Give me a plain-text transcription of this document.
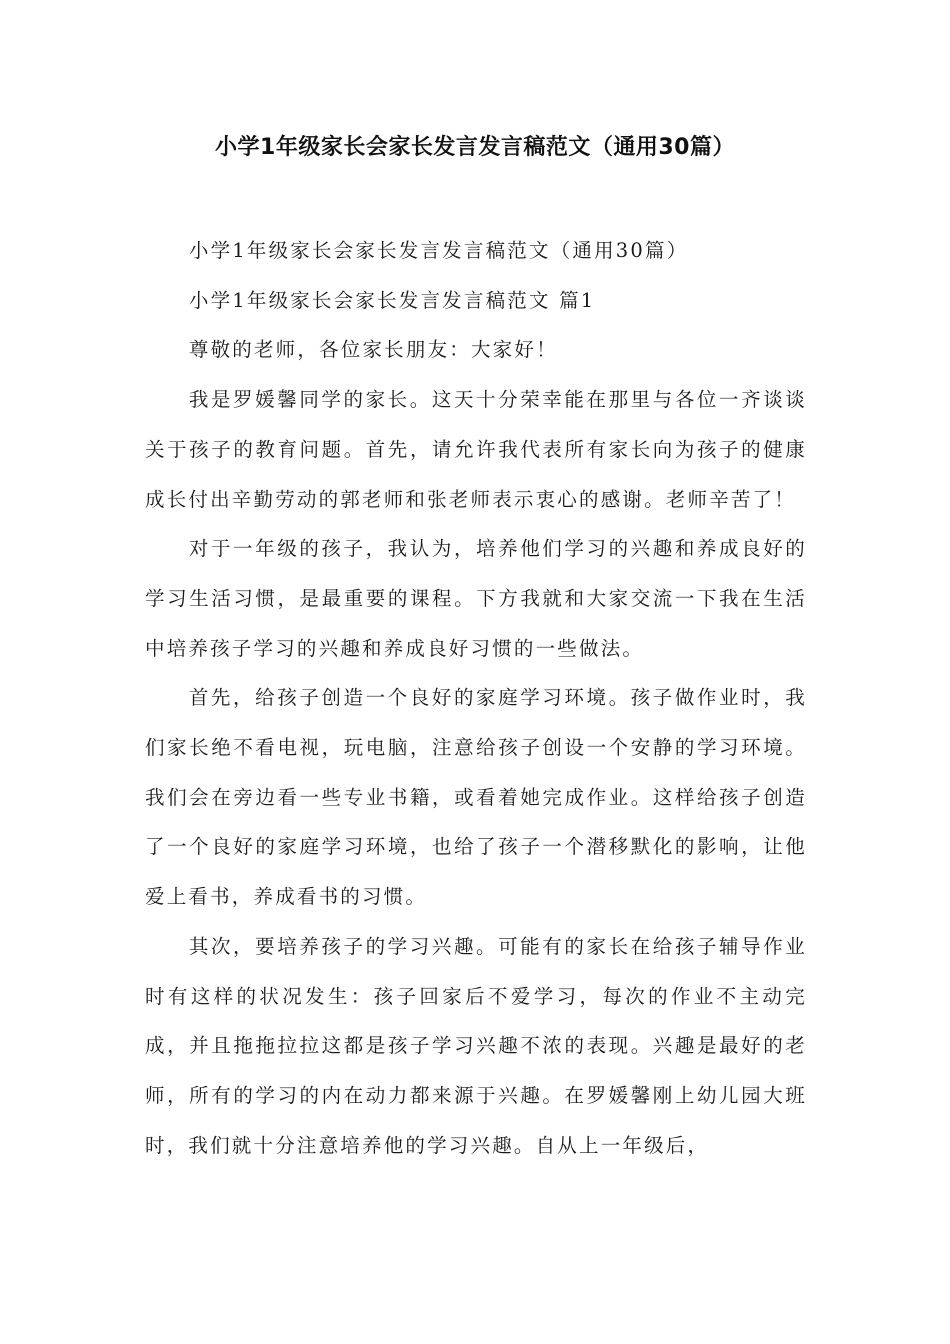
小学1年级家长会家长发言发言稿范文（通用30篇）

小学1年级家长会家长发言发言稿范文（通用30篇）

小学1年级家长会家长发言发言稿范文 篇1

尊敬的老师，各位家长朋友：大家好！

我是罗媛馨同学的家长。这天十分荣幸能在那里与各位一齐谈谈关于孩子的教育问题。首先，请允许我代表所有家长向为孩子的健康成长付出辛勤劳动的郭老师和张老师表示衷心的感谢。老师辛苦了！

对于一年级的孩子，我认为，培养他们学习的兴趣和养成良好的学习生活习惯，是最重要的课程。下方我就和大家交流一下我在生活中培养孩子学习的兴趣和养成良好习惯的一些做法。

首先，给孩子创造一个良好的家庭学习环境。孩子做作业时，我们家长绝不看电视，玩电脑，注意给孩子创设一个安静的学习环境。我们会在旁边看一些专业书籍，或看着她完成作业。这样给孩子创造了一个良好的家庭学习环境，也给了孩子一个潜移默化的影响，让他爱上看书，养成看书的习惯。

其次，要培养孩子的学习兴趣。可能有的家长在给孩子辅导作业时有这样的状况发生：孩子回家后不爱学习，每次的作业不主动完成，并且拖拖拉拉这都是孩子学习兴趣不浓的表现。兴趣是最好的老师，所有的学习的内在动力都来源于兴趣。在罗媛馨刚上幼儿园大班时，我们就十分注意培养他的学习兴趣。自从上一年级后，
